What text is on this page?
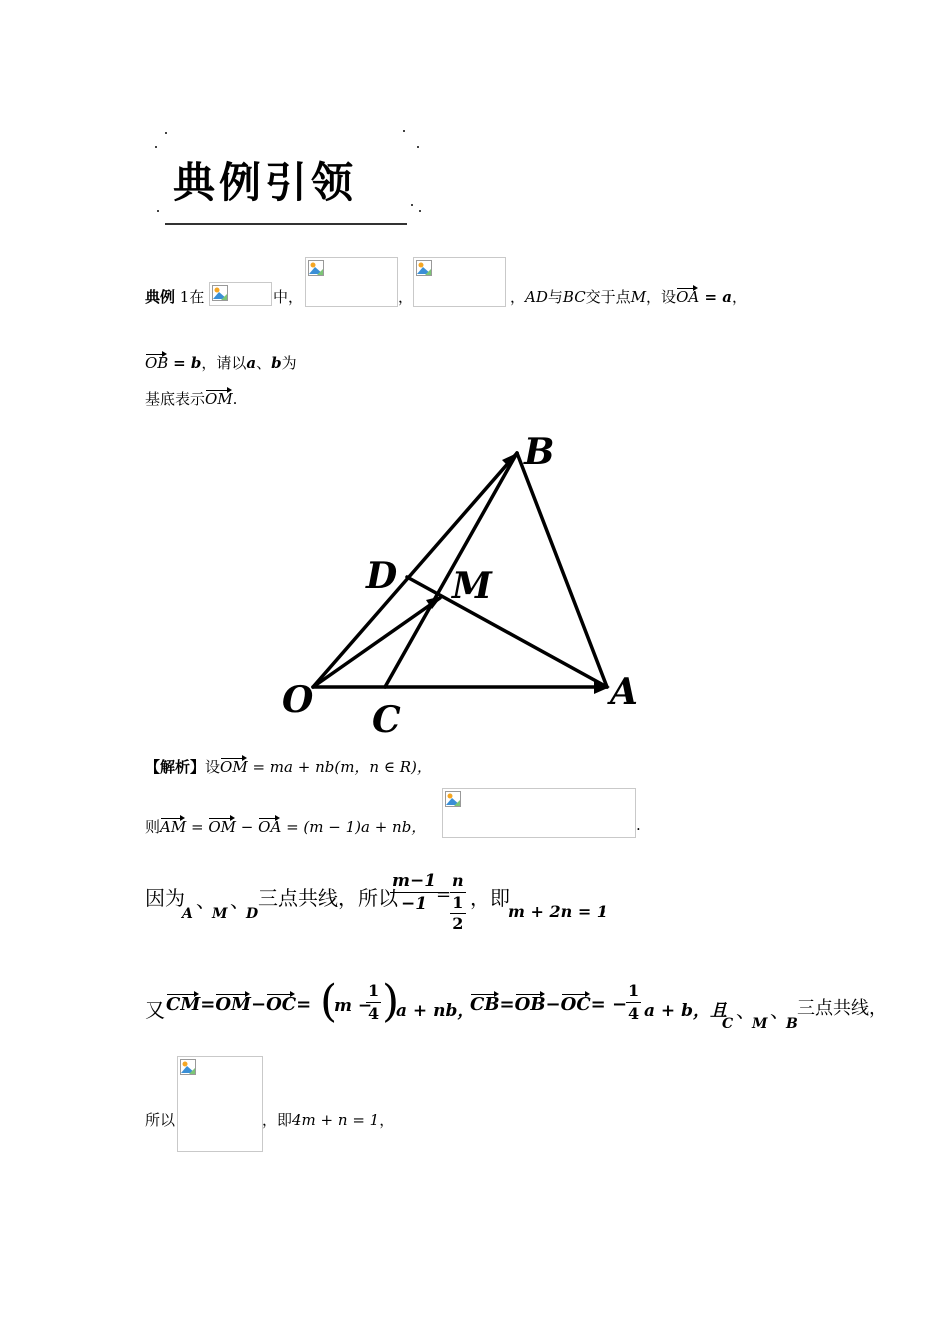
典例引领
典例 1在	中，	，	，AD与BC交于点M，设OA = a，
OB = b，请以a、b为
基底表示OM.
O C
A
B
D M
【解析】设OM = ma + nb(m，n ∈ R)，
则AM = OM − OA = (m − 1)a + nb，	.
因为
A
、
M
、
D
三点共线，所以
$\frac{m-1}{-1}$
=
n
1
2
，即
m + 2n = 1
，
又 CM=OM−OC= (
m −
$\frac{1}{4}$ )
a + nb，
CB=OB−OC= −
$\frac{1}{4}$ a + b，且
C
、
M
、
B
三点共线，
所以	，即4m + n = 1，
